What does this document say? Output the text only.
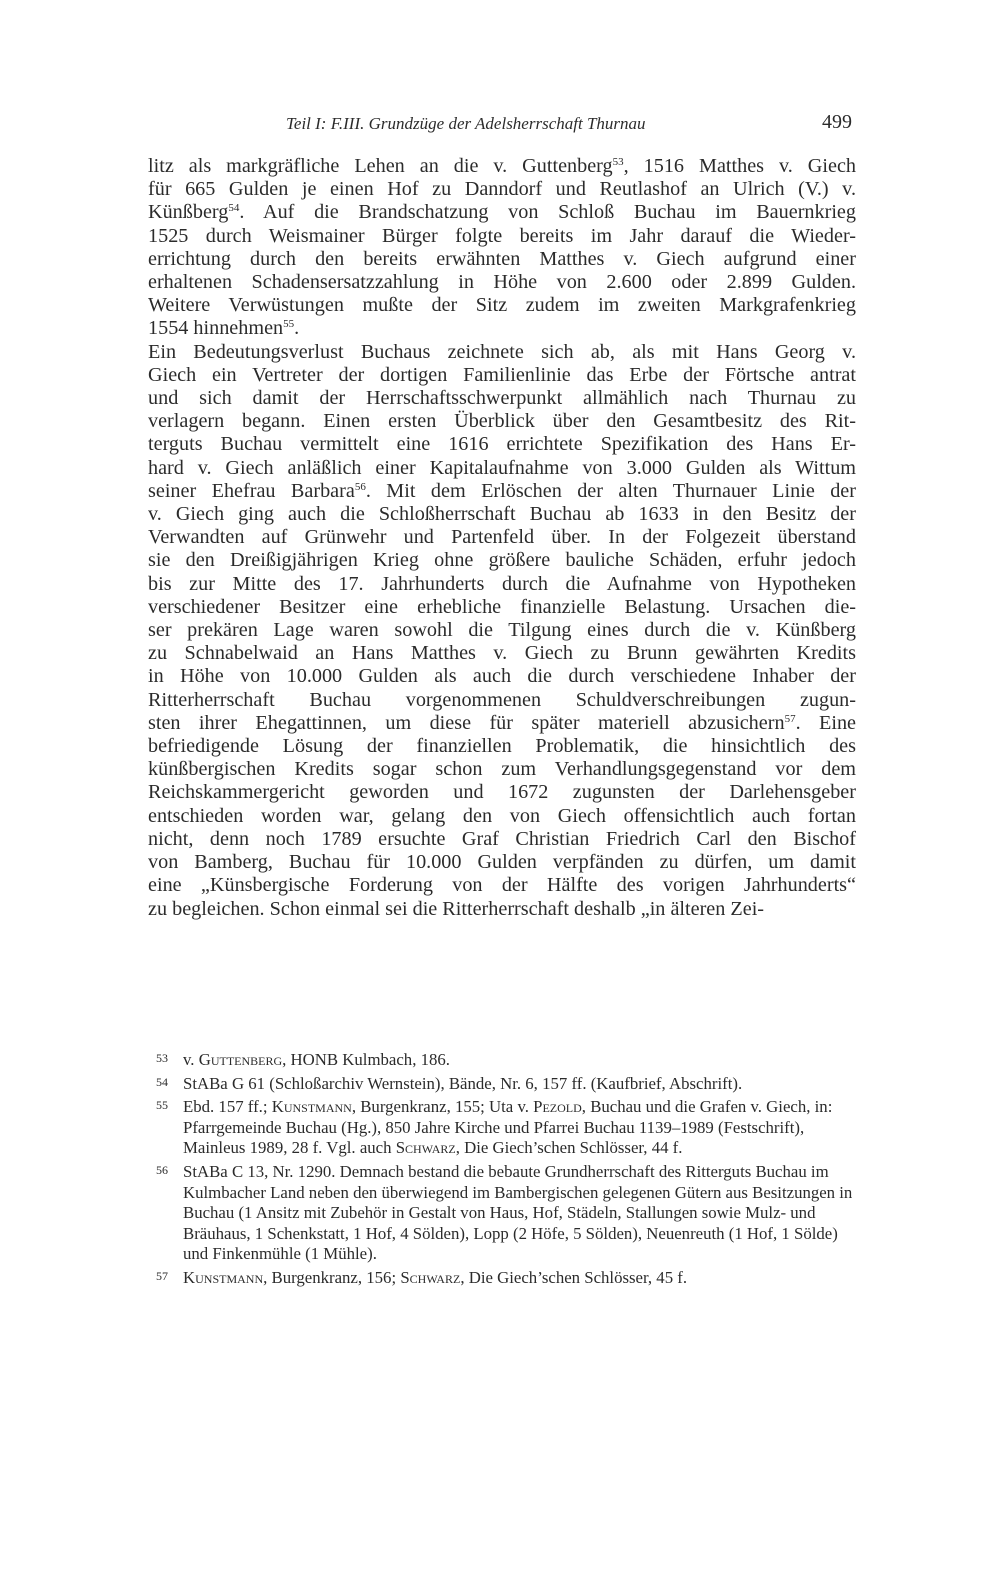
Teil I: F.III. Grundzüge der Adelsherrschaft Thurnau	499
litz als markgräfliche Lehen an die v. Guttenberg$^{53}$, 1516 Matthes v. Giech
für 665 Gulden je einen Hof zu Danndorf und Reutlashof an Ulrich (V.) v.
Künßberg$^{54}$. Auf die Brandschatzung von Schloß Buchau im Bauernkrieg
1525 durch Weismainer Bürger folgte bereits im Jahr darauf die Wieder-
errichtung durch den bereits erwähnten Matthes v. Giech aufgrund einer
erhaltenen Schadensersatzzahlung in Höhe von 2.600 oder 2.899 Gulden.
Weitere Verwüstungen mußte der Sitz zudem im zweiten Markgrafenkrieg
1554 hinnehmen$^{55}$.
Ein Bedeutungsverlust Buchaus zeichnete sich ab, als mit Hans Georg v.
Giech ein Vertreter der dortigen Familienlinie das Erbe der Förtsche antrat
und sich damit der Herrschaftsschwerpunkt allmählich nach Thurnau zu
verlagern begann. Einen ersten Überblick über den Gesamtbesitz des Rit-
terguts Buchau vermittelt eine 1616 errichtete Spezifikation des Hans Er-
hard v. Giech anläßlich einer Kapitalaufnahme von 3.000 Gulden als Wittum
seiner Ehefrau Barbara$^{56}$. Mit dem Erlöschen der alten Thurnauer Linie der
v. Giech ging auch die Schloßherrschaft Buchau ab 1633 in den Besitz der
Verwandten auf Grünwehr und Partenfeld über. In der Folgezeit überstand
sie den Dreißigjährigen Krieg ohne größere bauliche Schäden, erfuhr jedoch
bis zur Mitte des 17. Jahrhunderts durch die Aufnahme von Hypotheken
verschiedener Besitzer eine erhebliche finanzielle Belastung. Ursachen die-
ser prekären Lage waren sowohl die Tilgung eines durch die v. Künßberg
zu Schnabelwaid an Hans Matthes v. Giech zu Brunn gewährten Kredits
in Höhe von 10.000 Gulden als auch die durch verschiedene Inhaber der
Ritterherrschaft Buchau vorgenommenen Schuldverschreibungen zugun-
sten ihrer Ehegattinnen, um diese für später materiell abzusichern$^{57}$. Eine
befriedigende Lösung der finanziellen Problematik, die hinsichtlich des
künßbergischen Kredits sogar schon zum Verhandlungsgegenstand vor dem
Reichskammergericht geworden und 1672 zugunsten der Darlehensgeber
entschieden worden war, gelang den von Giech offensichtlich auch fortan
nicht, denn noch 1789 ersuchte Graf Christian Friedrich Carl den Bischof
von Bamberg, Buchau für 10.000 Gulden verpfänden zu dürfen, um damit
eine „Künsbergische Forderung von der Hälfte des vorigen Jahrhunderts“
zu begleichen. Schon einmal sei die Ritterherrschaft deshalb „in älteren Zei-
53 v. Guttenberg, HONB Kulmbach, 186.
54 StABa G 61 (Schloßarchiv Wernstein), Bände, Nr. 6, 157 ff. (Kaufbrief, Abschrift).
55 Ebd. 157 ff.; Kunstmann, Burgenkranz, 155; Uta v. Pezold, Buchau und die Grafen v. Giech, in: Pfarrgemeinde Buchau (Hg.), 850 Jahre Kirche und Pfarrei Buchau 1139–1989 (Festschrift), Mainleus 1989, 28 f. Vgl. auch Schwarz, Die Giech’schen Schlösser, 44 f.
56 StABa C 13, Nr. 1290. Demnach bestand die bebaute Grundherrschaft des Ritterguts Buchau im Kulmbacher Land neben den überwiegend im Bambergischen gelegenen Gütern aus Besitzungen in Buchau (1 Ansitz mit Zubehör in Gestalt von Haus, Hof, Städeln, Stallungen sowie Mulz- und Bräuhaus, 1 Schenkstatt, 1 Hof, 4 Sölden), Lopp (2 Höfe, 5 Sölden), Neuenreuth (1 Hof, 1 Sölde) und Finkenmühle (1 Mühle).
57 Kunstmann, Burgenkranz, 156; Schwarz, Die Giech’schen Schlösser, 45 f.
